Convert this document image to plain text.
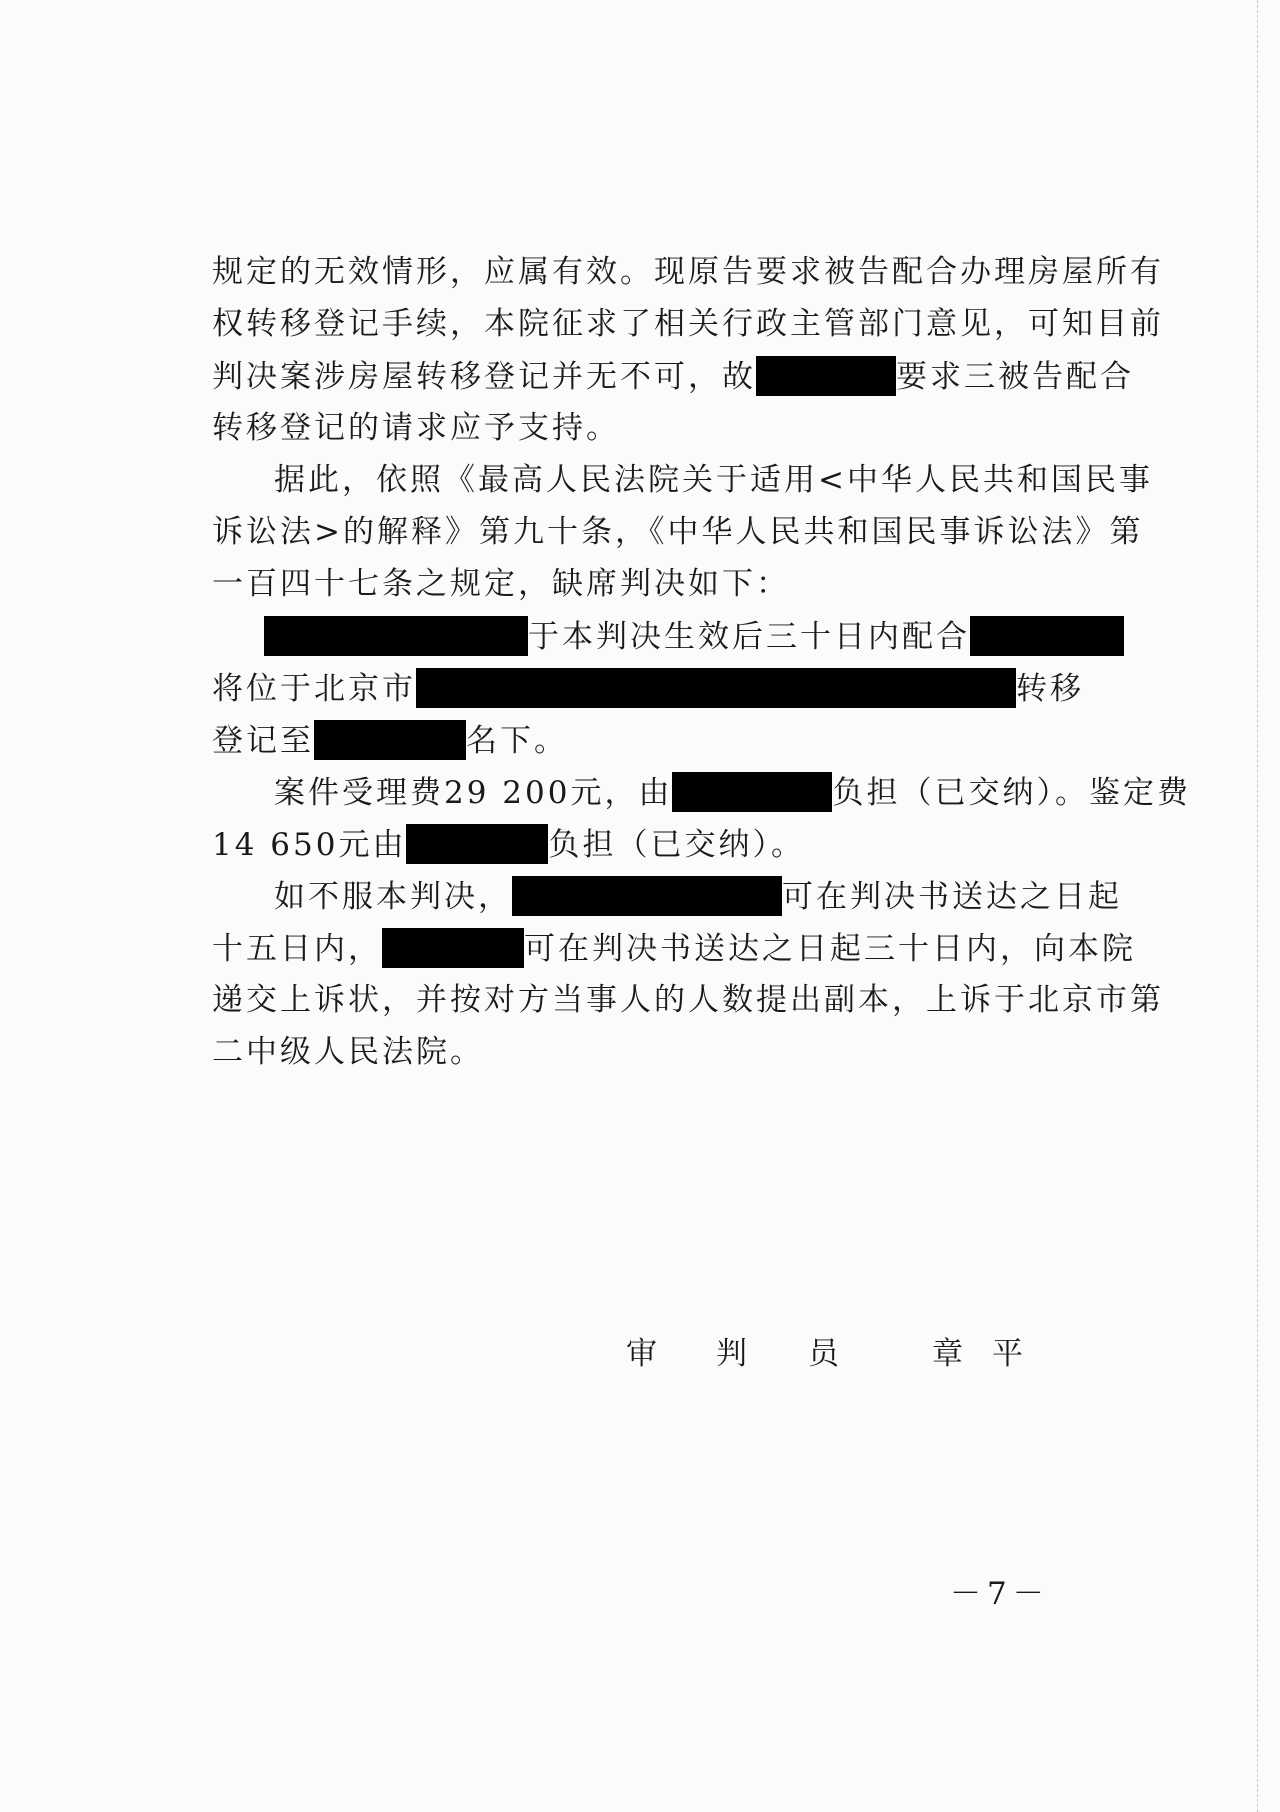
规定的无效情形，应属有效。现原告要求被告配合办理房屋所有
权转移登记手续，本院征求了相关行政主管部门意见，可知目前
判决案涉房屋转移登记并无不可，故	要求三被告配合
转移登记的请求应予支持。
据此，依照《最高人民法院关于适用<中华人民共和国民事
诉讼法>的解释》第九十条，《中华人民共和国民事诉讼法》第
一百四十七条之规定，缺席判决如下：
于本判决生效后三十日内配合
将位于北京市	转移
登记至	名下。
案件受理费29 200元，由	负担（已交纳）。鉴定费
14 650元由	负担（已交纳）。
如不服本判决，	可在判决书送达之日起
十五日内，	可在判决书送达之日起三十日内，向本院
递交上诉状，并按对方当事人的人数提出副本，上诉于北京市第
二中级人民法院。
审 判 员	章 平
－7－
